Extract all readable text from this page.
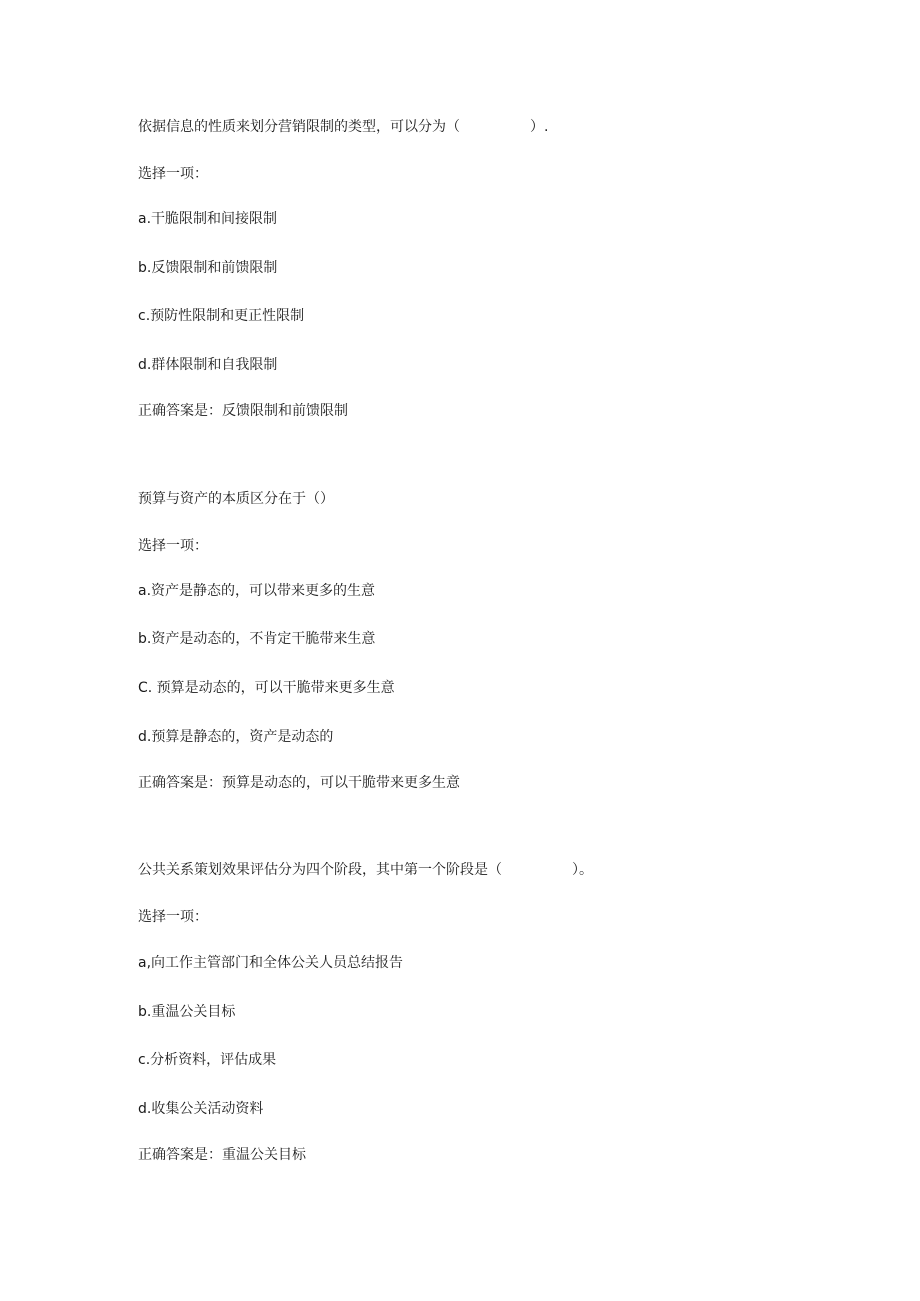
依据信息的性质来划分营销限制的类型，可以分为（　　　　　）.

选择一项：

a.干脆限制和间接限制

b.反馈限制和前馈限制

c.预防性限制和更正性限制

d.群体限制和自我限制

正确答案是：反馈限制和前馈限制

预算与资产的本质区分在于（）

选择一项：

a.资产是静态的，可以带来更多的生意

b.资产是动态的，不肯定干脆带来生意

C. 预算是动态的，可以干脆带来更多生意

d.预算是静态的，资产是动态的

正确答案是：预算是动态的，可以干脆带来更多生意

公共关系策划效果评估分为四个阶段，其中第一个阶段是（　　　　　）。

选择一项：

a,向工作主管部门和全体公关人员总结报告

b.重温公关目标

c.分析资料，评估成果

d.收集公关活动资料

正确答案是：重温公关目标
